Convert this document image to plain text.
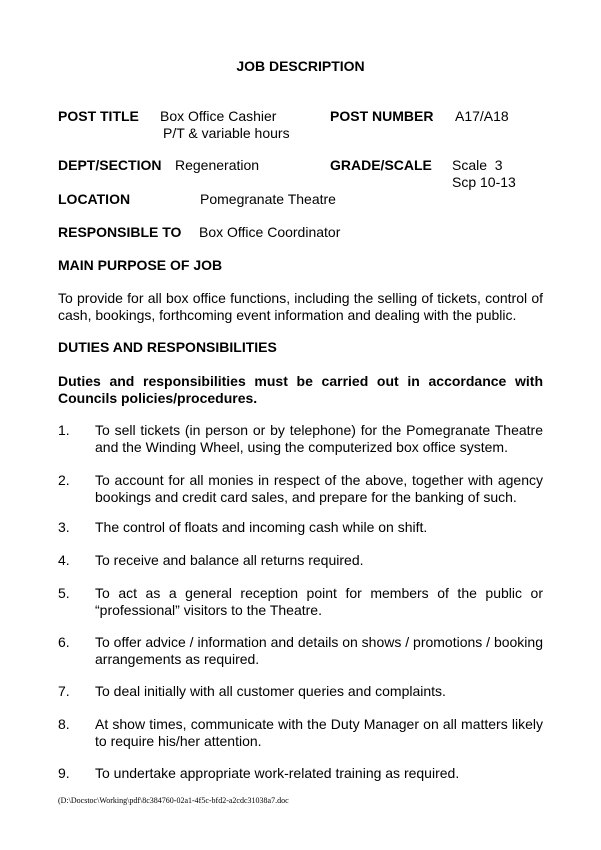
JOB DESCRIPTION
POST TITLE Box Office Cashier
P/T & variable hours
POST NUMBER A17/A18
DEPT/SECTION Regeneration	GRADE/SCALE Scale  3
Scp 10-13
LOCATION	Pomegranate Theatre
RESPONSIBLE TO Box Office Coordinator
MAIN PURPOSE OF JOB
To provide for all box office functions, including the selling of tickets, control of cash, bookings, forthcoming event information and dealing with the public.
DUTIES AND RESPONSIBILITIES
Duties and responsibilities must be carried out in accordance with Councils policies/procedures.
1. To sell tickets (in person or by telephone) for the Pomegranate Theatre and the Winding Wheel, using the computerized box office system.
2. To account for all monies in respect of the above, together with agency bookings and credit card sales, and prepare for the banking of such.
3. The control of floats and incoming cash while on shift.
4. To receive and balance all returns required.
5. To act as a general reception point for members of the public or “professional” visitors to the Theatre.
6. To offer advice / information and details on shows / promotions / booking arrangements as required.
7. To deal initially with all customer queries and complaints.
8. At show times, communicate with the Duty Manager on all matters likely to require his/her attention.
9. To undertake appropriate work-related training as required.
(D:\Docstoc\Working\pdf\8c384760-02a1-4f5c-bfd2-a2cdc31038a7.doc
